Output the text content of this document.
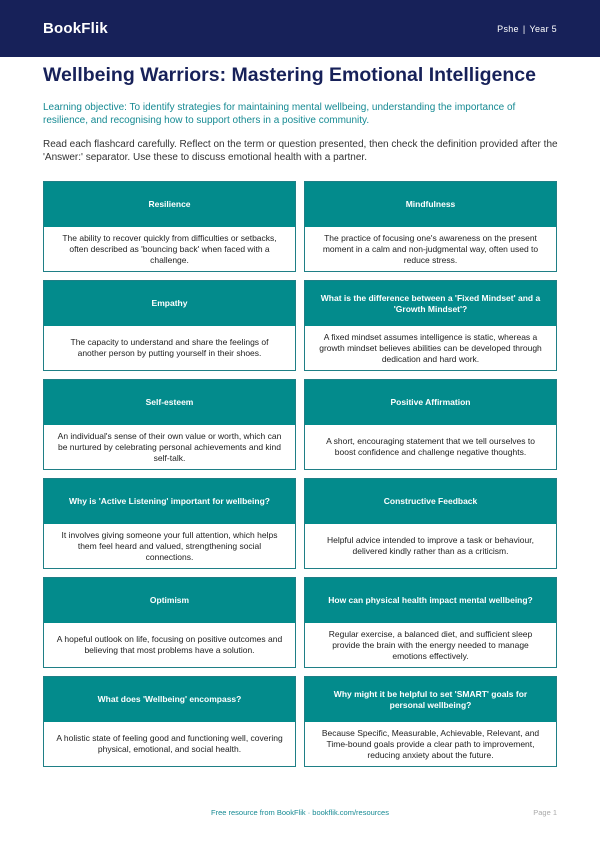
BookFlik	Pshe | Year 5
Wellbeing Warriors: Mastering Emotional Intelligence

Learning objective: To identify strategies for maintaining mental wellbeing, understanding the importance of resilience, and recognising how to support others in a positive community.

Read each flashcard carefully. Reflect on the term or question presented, then check the definition provided after the 'Answer:' separator. Use these to discuss emotional health with a partner.

Resilience
The ability to recover quickly from difficulties or setbacks, often described as 'bouncing back' when faced with a challenge.
Mindfulness
The practice of focusing one's awareness on the present moment in a calm and non-judgmental way, often used to reduce stress.
Empathy
The capacity to understand and share the feelings of another person by putting yourself in their shoes.
What is the difference between a 'Fixed Mindset' and a 'Growth Mindset'?
A fixed mindset assumes intelligence is static, whereas a growth mindset believes abilities can be developed through dedication and hard work.
Self-esteem
An individual's sense of their own value or worth, which can be nurtured by celebrating personal achievements and kind self-talk.
Positive Affirmation
A short, encouraging statement that we tell ourselves to boost confidence and challenge negative thoughts.
Why is 'Active Listening' important for wellbeing?
It involves giving someone your full attention, which helps them feel heard and valued, strengthening social connections.
Constructive Feedback
Helpful advice intended to improve a task or behaviour, delivered kindly rather than as a criticism.
Optimism
A hopeful outlook on life, focusing on positive outcomes and believing that most problems have a solution.
How can physical health impact mental wellbeing?
Regular exercise, a balanced diet, and sufficient sleep provide the brain with the energy needed to manage emotions effectively.
What does 'Wellbeing' encompass?
A holistic state of feeling good and functioning well, covering physical, emotional, and social health.
Why might it be helpful to set 'SMART' goals for personal wellbeing?
Because Specific, Measurable, Achievable, Relevant, and Time-bound goals provide a clear path to improvement, reducing anxiety about the future.
Free resource from BookFlik · bookflik.com/resources	Page 1
